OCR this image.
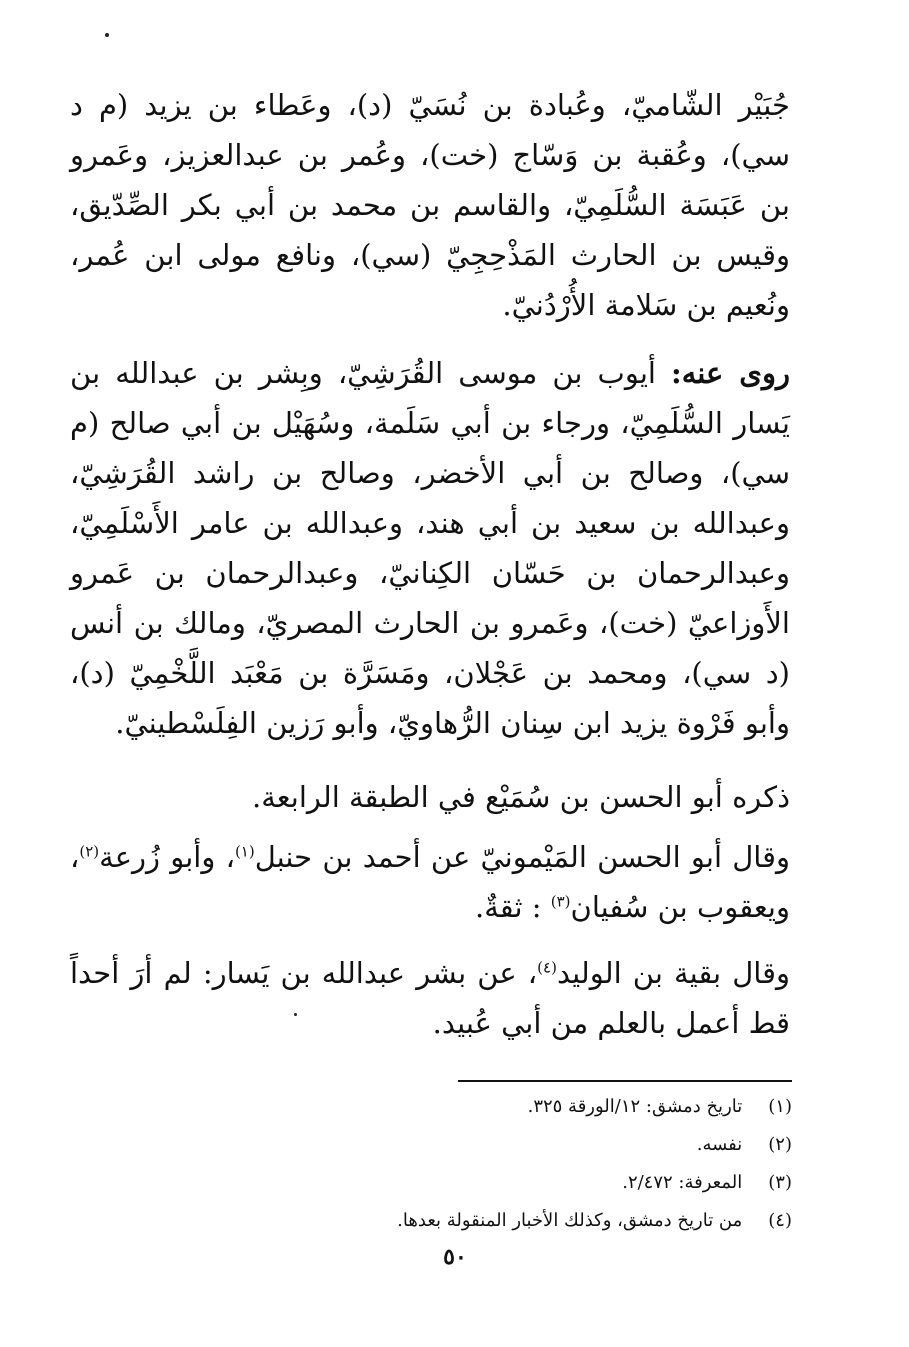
جُبَيْر الشّاميّ، وعُبادة بن نُسَيّ (د)، وعَطاء بن يزيد (م د سي)، وعُقبة بن وَسّاج (خت)، وعُمر بن عبدالعزيز، وعَمرو بن عَبَسَة السُّلَمِيّ، والقاسم بن محمد بن أبي بكر الصِّدّيق، وقيس بن الحارث المَذْحِجِيّ (سي)، ونافع مولى ابن عُمر، ونُعيم بن سَلامة الأُرْدُنيّ.

روى عنه: أيوب بن موسى القُرَشِيّ، وبِشر بن عبدالله بن يَسار السُّلَمِيّ، ورجاء بن أبي سَلَمة، وسُهَيْل بن أبي صالح (م سي)، وصالح بن أبي الأخضر، وصالح بن راشد القُرَشِيّ، وعبدالله بن سعيد بن أبي هند، وعبدالله بن عامر الأَسْلَمِيّ، وعبدالرحمان بن حَسّان الكِنانيّ، وعبدالرحمان بن عَمرو الأَوزاعيّ (خت)، وعَمرو بن الحارث المصريّ، ومالك بن أنس (د سي)، ومحمد بن عَجْلان، ومَسَرَّة بن مَعْبَد اللَّخْمِيّ (د)، وأبو فَرْوة يزيد ابن سِنان الرُّهاويّ، وأبو رَزين الفِلَسْطينيّ.

ذكره أبو الحسن بن سُمَيْع في الطبقة الرابعة.

وقال أبو الحسن المَيْمونيّ عن أحمد بن حنبل$^{(١)}$، وأبو زُرعة$^{(٢)}$، ويعقوب بن سُفيان$^{(٣)}$ : ثقةٌ.

وقال بقية بن الوليد$^{(٤)}$، عن بشر عبدالله بن يَسار: لم أرَ أحداً قط أعمل بالعلم من أبي عُبيد.

(١) تاريخ دمشق: ١٢/الورقة ٣٢٥.
(٢) نفسه.
(٣) المعرفة: ٢/٤٧٢.
(٤) من تاريخ دمشق، وكذلك الأخبار المنقولة بعدها.
٥٠
